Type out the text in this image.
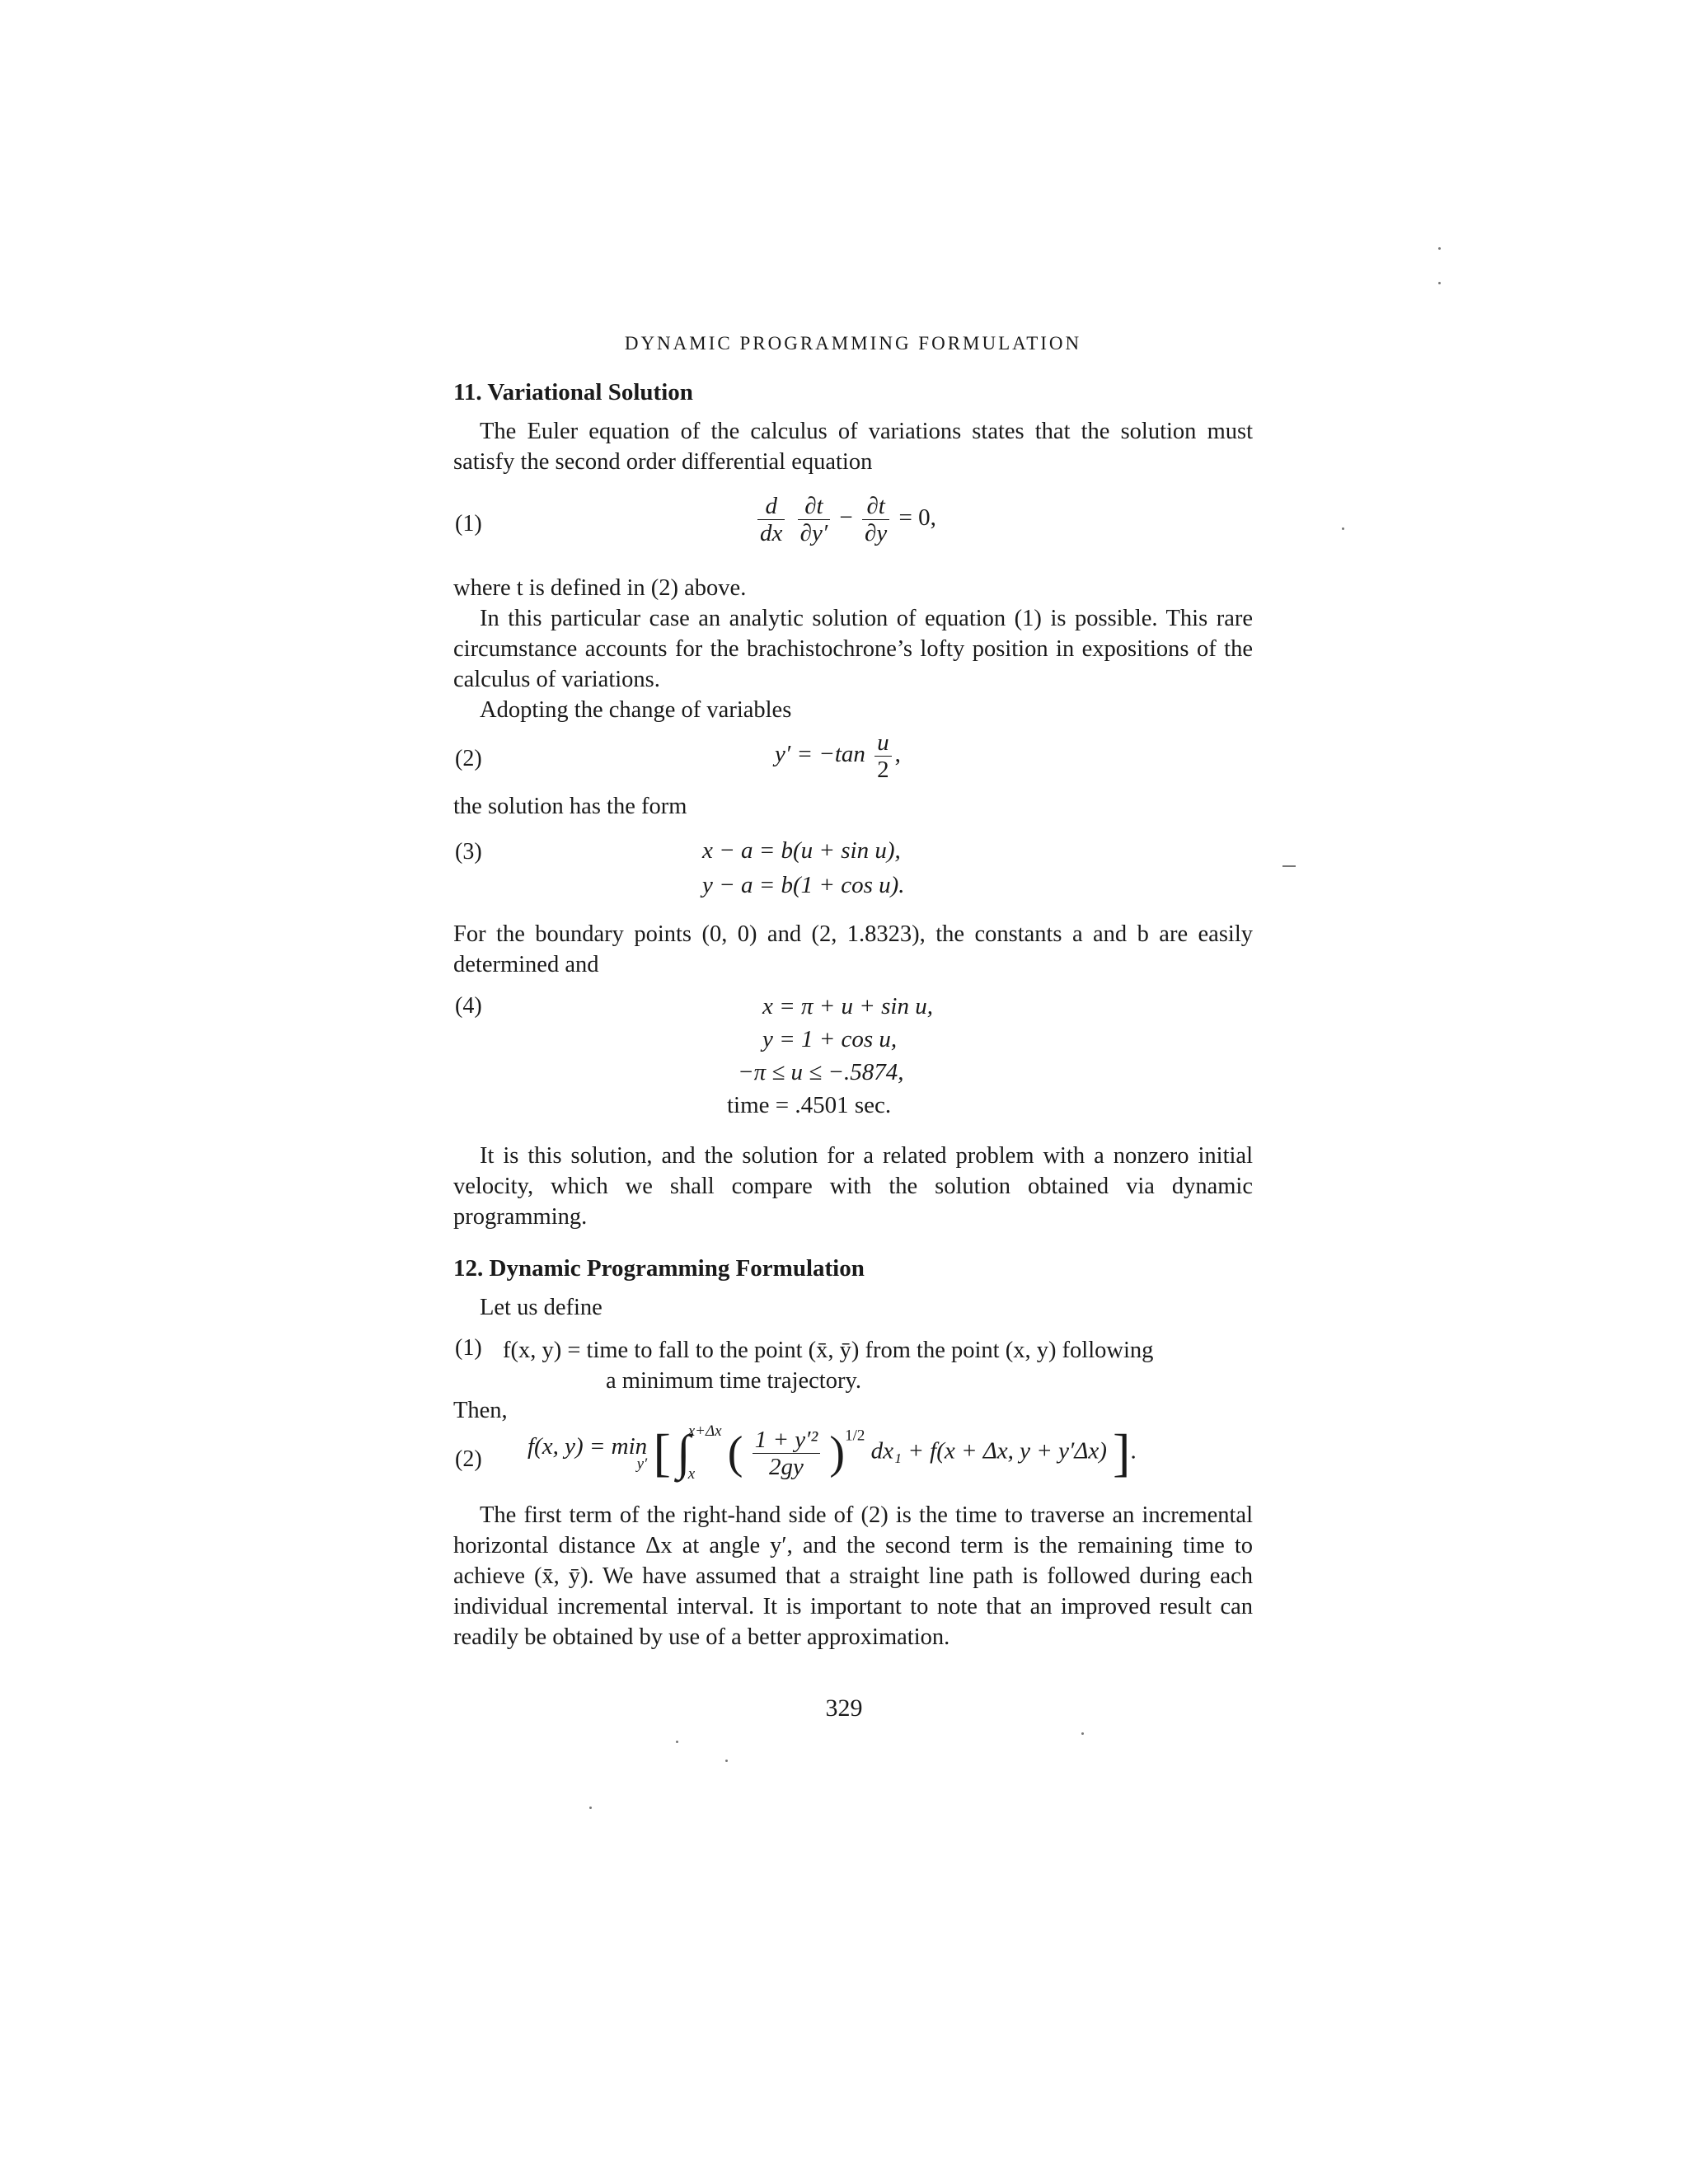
DYNAMIC PROGRAMMING FORMULATION
11. Variational Solution
The Euler equation of the calculus of variations states that the solution must satisfy the second order differential equation
(1)	$\frac{d}{dx}$
$\frac{\partial t}{\partial y'} - \frac{\partial t}{\partial y} = 0$,
where t is defined in (2) above.
In this particular case an analytic solution of equation (1) is possible. This rare circumstance accounts for the brachistochrone’s lofty position in expositions of the calculus of variations.
Adopting the change of variables
(2)	$y' = -\tan \frac{u}{2}$ ,
the solution has the form
(3)	x − a = b(u + sin u),
y − a = b(1 + cos u).
For the boundary points (0, 0) and (2, 1.8323), the constants a and b are easily determined and
(4)	x = π + u + sin u,
y = 1 + cos u,
−π ≤ u ≤ −.5874,
time = .4501 sec.
It is this solution, and the solution for a related problem with a nonzero initial velocity, which we shall compare with the solution obtained via dynamic programming.
12. Dynamic Programming Formulation
Let us define
(1) f(x, y) = time to fall to the point (x̄, ȳ) from the point (x, y) following
a minimum time trajectory.
Then,
(2) f(x, y) = min
y′ [ ∫
x+Δx
x ( $\frac{\text{1 + y′²}}{2gy} )^{1/2}$ dx₁ + f(x + Δx, y + y′Δx) ].
The first term of the right-hand side of (2) is the time to traverse an incremental horizontal distance Δx at angle y′, and the second term is the remaining time to achieve (x̄, ȳ). We have assumed that a straight line path is followed during each individual incremental interval. It is important to note that an improved result can readily be obtained by use of a better approximation.
329
